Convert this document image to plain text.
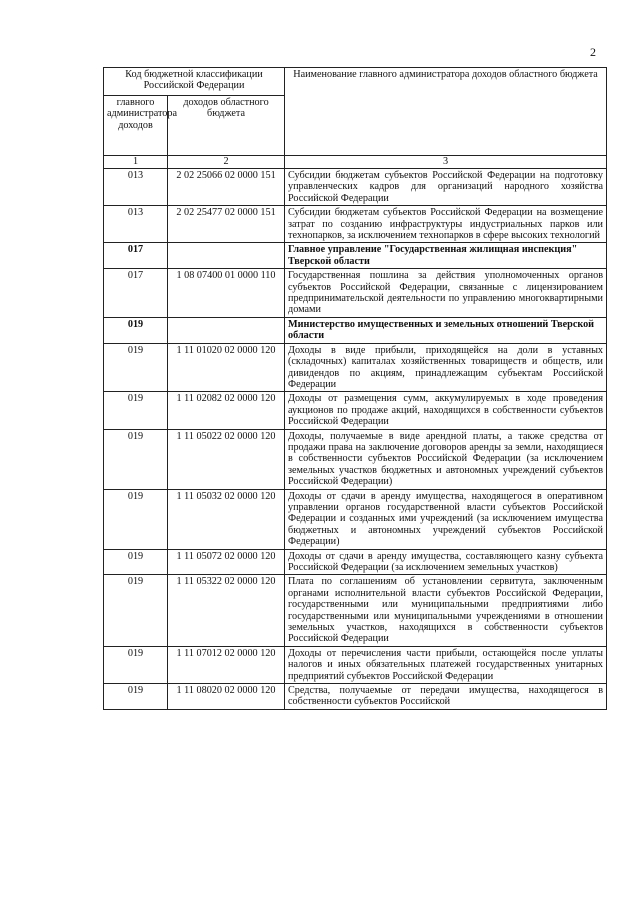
2
Код бюджетной классификации Российской Федерации		Наименование главного администратора доходов областного бюджета
главного администратора доходов	доходов областного бюджета	
1	2	3
013	2 02 25066 02 0000 151	Субсидии бюджетам субъектов Российской Федерации на подготовку управленческих кадров для организаций народного хозяйства Российской Федерации
013	2 02 25477 02 0000 151	Субсидии бюджетам субъектов Российской Федерации на возмещение затрат по созданию инфраструктуры индустриальных парков или технопарков, за исключением технопарков в сфере высоких технологий
017		Главное управление "Государственная жилищная инспекция" Тверской области
017	1 08 07400 01 0000 110	Государственная пошлина за действия уполномоченных органов субъектов Российской Федерации, связанные с лицензированием предпринимательской деятельности по управлению многоквартирными домами
019		Министерство имущественных и земельных отношений Тверской области
019	1 11 01020 02 0000 120	Доходы в виде прибыли, приходящейся на доли в уставных (складочных) капиталах хозяйственных товариществ и обществ, или дивидендов по акциям, принадлежащим субъектам Российской Федерации
019	1 11 02082 02 0000 120	Доходы от размещения сумм, аккумулируемых в ходе проведения аукционов по продаже акций, находящихся в собственности субъектов Российской Федерации
019	1 11 05022 02 0000 120	Доходы, получаемые в виде арендной платы, а также средства от продажи права на заключение договоров аренды за земли, находящиеся в собственности субъектов Российской Федерации (за исключением земельных участков бюджетных и автономных учреждений субъектов Российской Федерации)
019	1 11 05032 02 0000 120	Доходы от сдачи в аренду имущества, находящегося в оперативном управлении органов государственной власти субъектов Российской Федерации и созданных ими учреждений (за исключением имущества бюджетных и автономных учреждений субъектов Российской Федерации)
019	1 11 05072 02 0000 120	Доходы от сдачи в аренду имущества, составляющего казну субъекта Российской Федерации (за исключением земельных участков)
019	1 11 05322 02 0000 120	Плата по соглашениям об установлении сервитута, заключенным органами исполнительной власти субъектов Российской Федерации, государственными или муниципальными предприятиями либо государственными или муниципальными учреждениями в отношении земельных участков, находящихся в собственности субъектов Российской Федерации
019	1 11 07012 02 0000 120	Доходы от перечисления части прибыли, остающейся после уплаты налогов и иных обязательных платежей государственных унитарных предприятий субъектов Российской Федерации
019	1 11 08020 02 0000 120	Средства, получаемые от передачи имущества, находящегося в собственности субъектов Российской
